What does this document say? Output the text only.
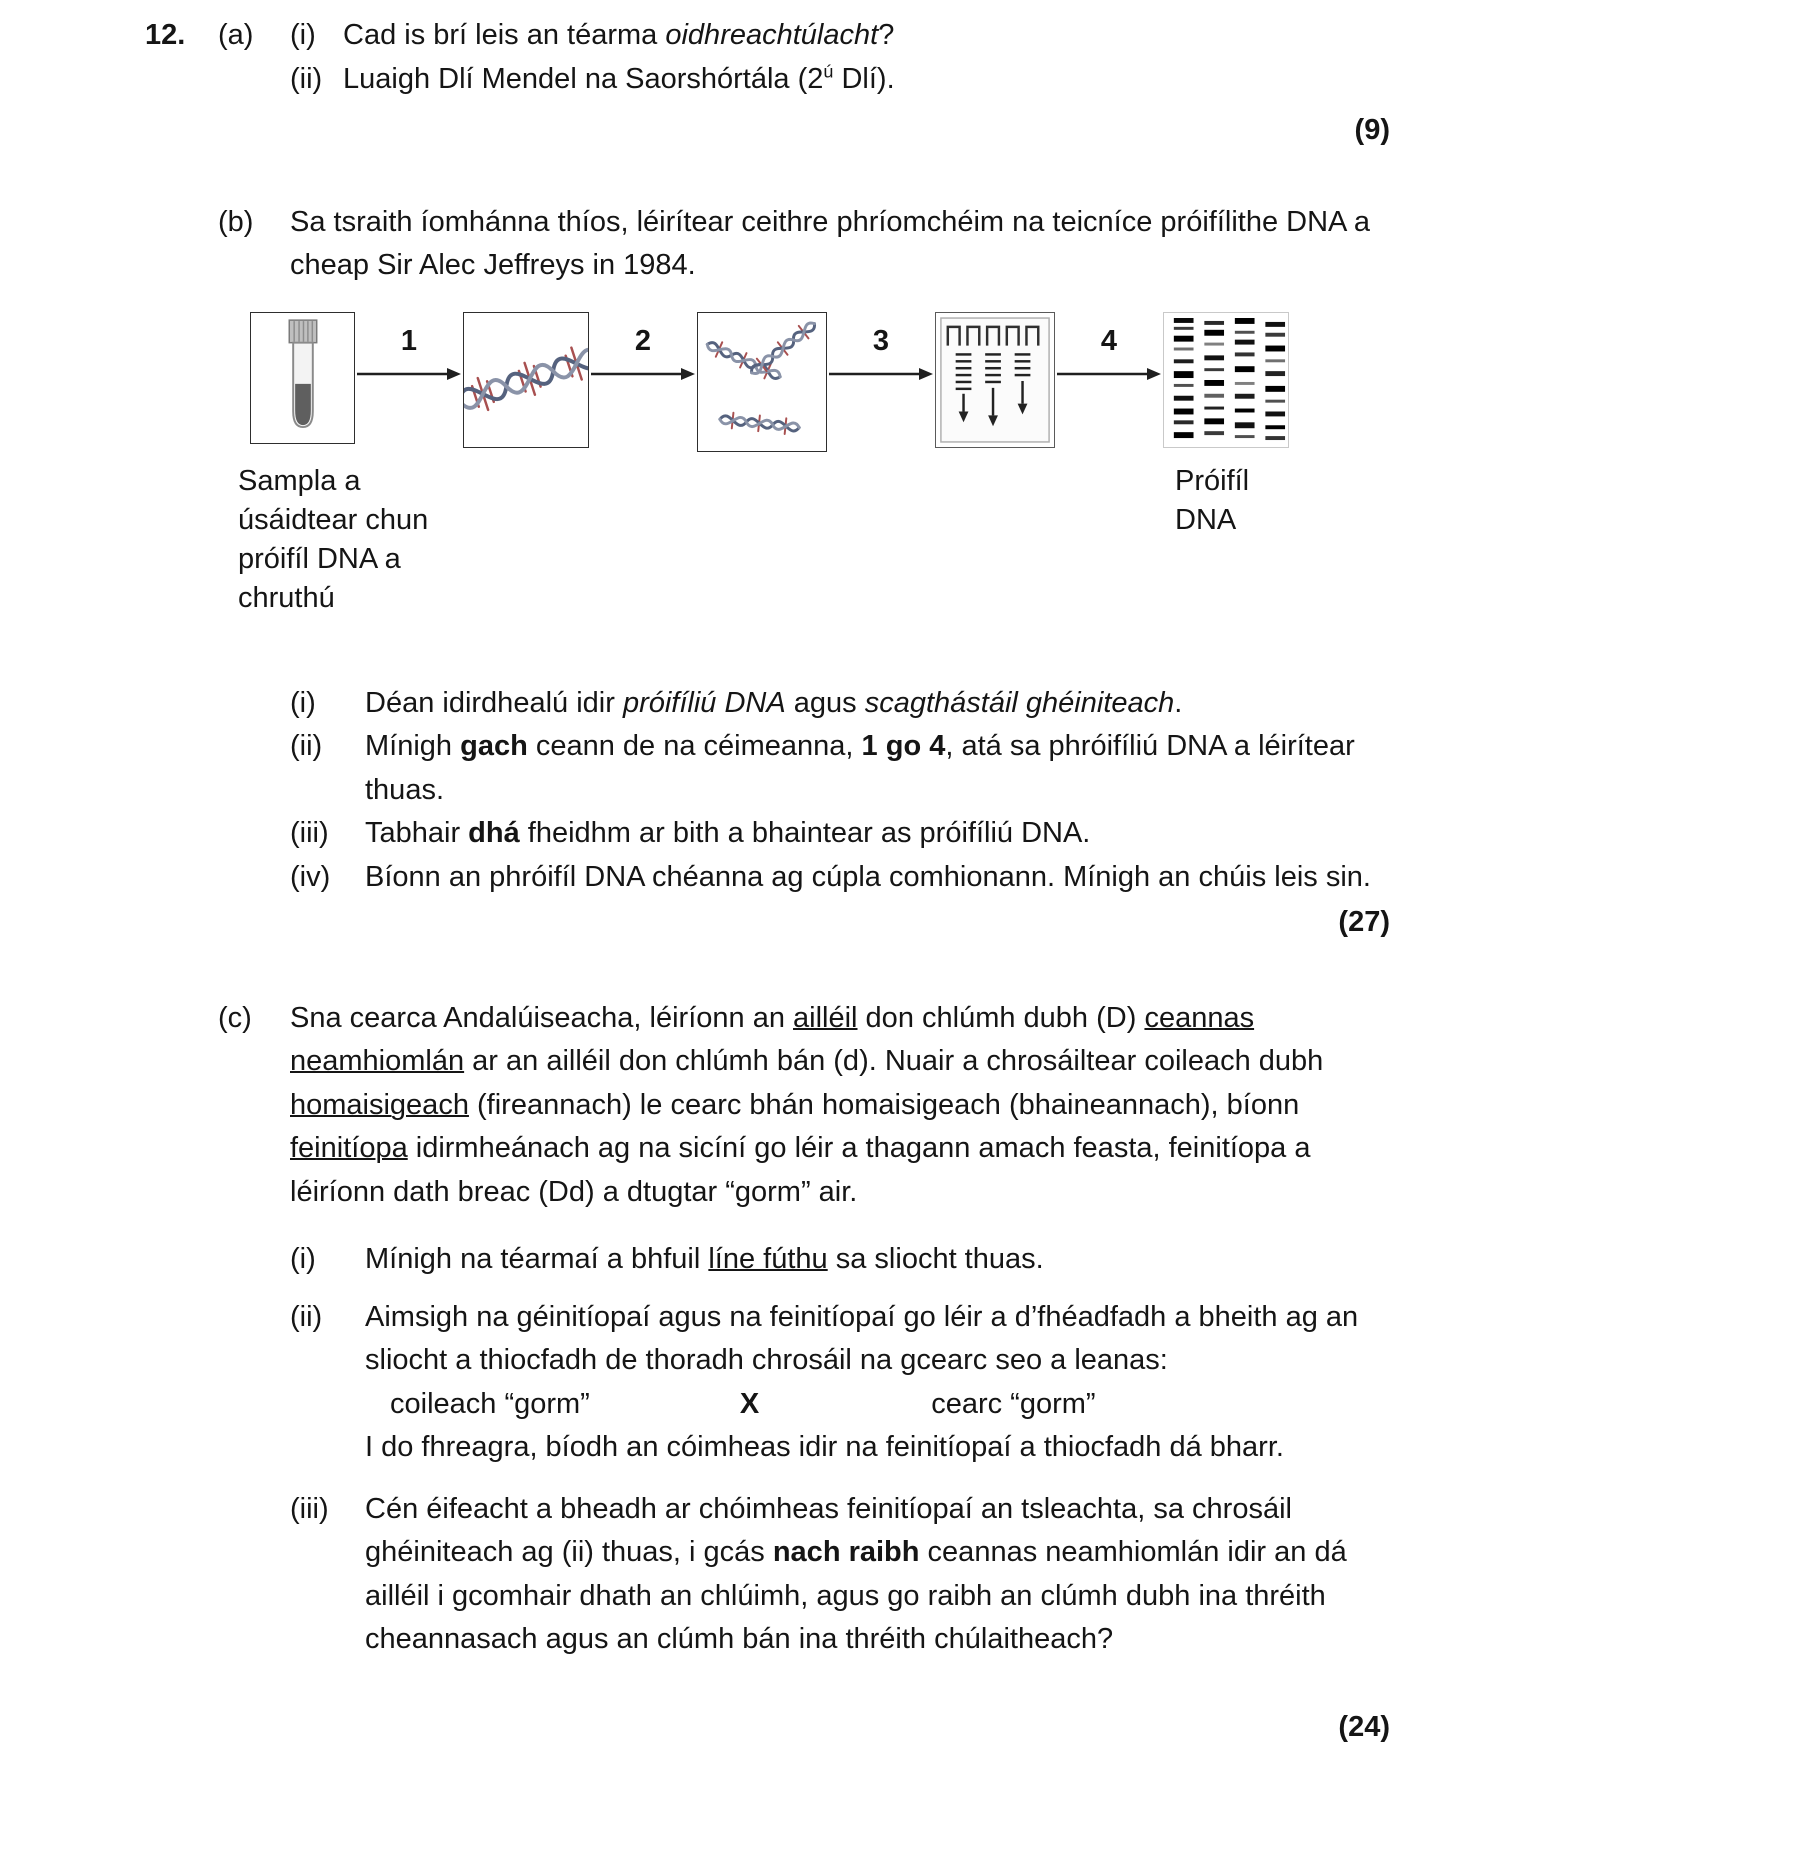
12.	(a)	(i) Cad is brí leis an téarma oidhreachtúlacht?
(ii) Luaigh Dlí Mendel na Saorshórtála ($2^ú$ Dlí).
(9)
(b)	Sa tsraith íomhánna thíos, léirítear ceithre phríomchéim na teicníce próifílithe DNA a cheap Sir Alec Jeffreys in 1984.
1	2	3	4
Sampla a úsáidtear chun próifíl DNA a chruthú
Próifíl DNA
(i)	Déan idirdhealú idir próifíliú DNA agus scagthástáil ghéiniteach.
(ii)	Mínigh gach ceann de na céimeanna, 1 go 4, atá sa phróifíliú DNA a léirítear thuas.
(iii)	Tabhair dhá fheidhm ar bith a bhaintear as próifíliú DNA.
(iv)	Bíonn an phróifíl DNA chéanna ag cúpla comhionann. Mínigh an chúis leis sin.
(27)
(c)	Sna cearca Andalúiseacha, léiríonn an ailléil don chlúmh dubh (D) ceannas neamhiomlán ar an ailléil don chlúmh bán (d). Nuair a chrosáiltear coileach dubh homaisigeach (fireannach) le cearc bhán homaisigeach (bhaineannach), bíonn feinitíopa idirmheánach ag na sicíní go léir a thagann amach feasta, feinitíopa a léiríonn dath breac (Dd) a dtugtar “gorm” air.
(i)	Mínigh na téarmaí a bhfuil líne fúthu sa sliocht thuas.
(ii)	Aimsigh na géinitíopaí agus na feinitíopaí go léir a d’fhéadfadh a bheith ag an sliocht a thiocfadh de thoradh chrosáil na gcearc seo a leanas:
coileach “gorm”	X	cearc “gorm”
I do fhreagra, bíodh an cóimheas idir na feinitíopaí a thiocfadh dá bharr.
(iii)	Cén éifeacht a bheadh ar chóimheas feinitíopaí an tsleachta, sa chrosáil ghéiniteach ag (ii) thuas, i gcás nach raibh ceannas neamhiomlán idir an dá ailléil i gcomhair dhath an chlúimh, agus go raibh an clúmh dubh ina thréith cheannasach agus an clúmh bán ina thréith chúlaitheach?
(24)
